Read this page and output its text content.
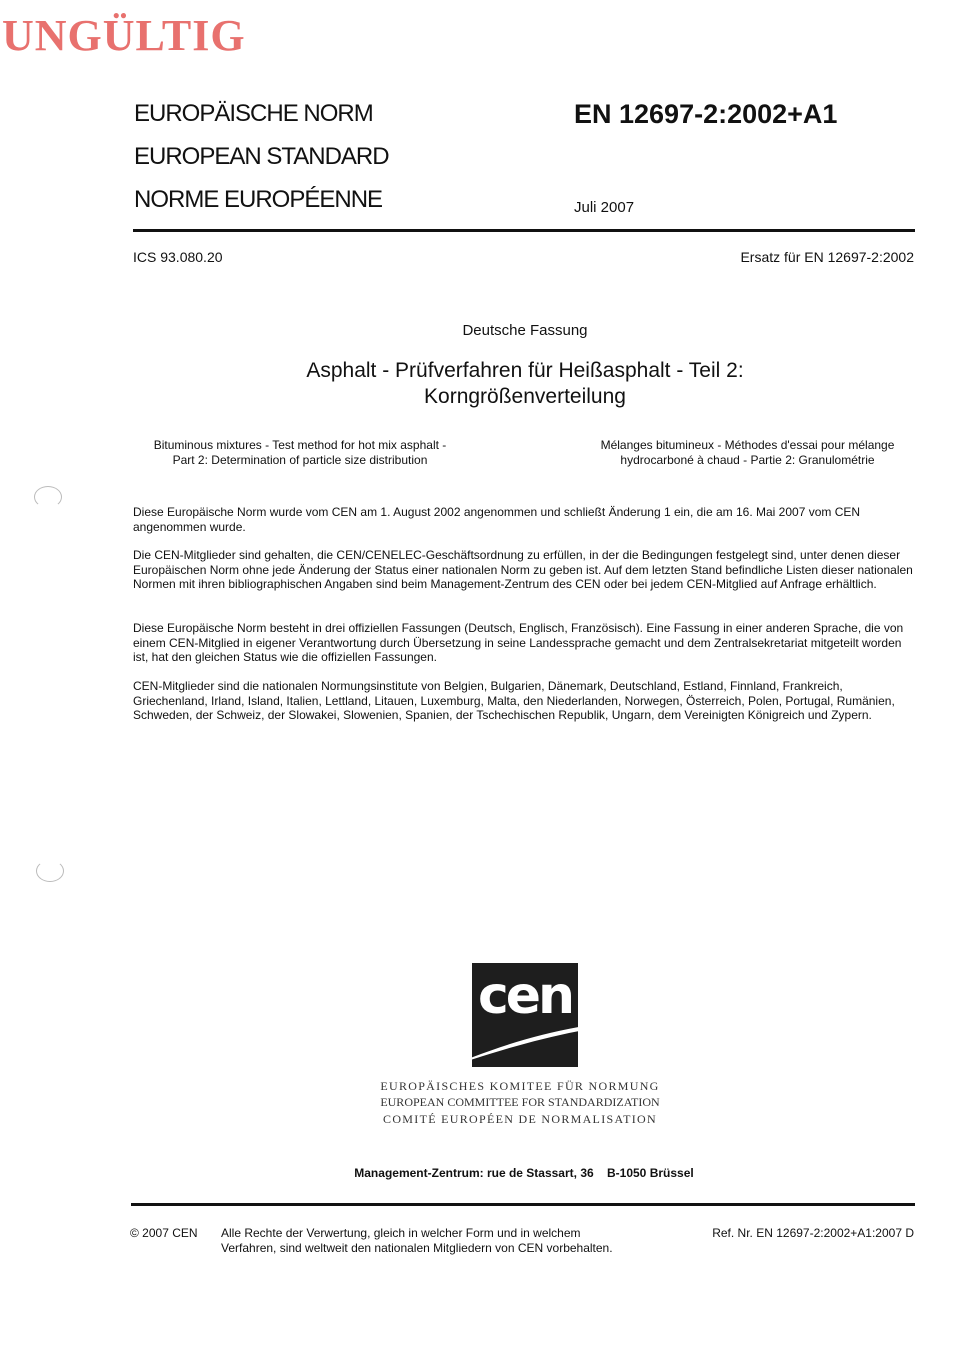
UNGÜLTIG
EUROPÄISCHE NORM
EUROPEAN STANDARD
NORME EUROPÉENNE
EN 12697-2:2002+A1
Juli 2007
ICS 93.080.20	Ersatz für EN 12697-2:2002
Deutsche Fassung
Asphalt - Prüfverfahren für Heißasphalt - Teil 2:
Korngrößenverteilung
Bituminous mixtures - Test method for hot mix asphalt -
Part 2: Determination of particle size distribution
Mélanges bitumineux - Méthodes d'essai pour mélange
hydrocarboné à chaud - Partie 2: Granulométrie
Diese Europäische Norm wurde vom CEN am 1. August 2002 angenommen und schließt Änderung 1 ein, die am 16. Mai 2007 vom CEN angenommen wurde.
Die CEN-Mitglieder sind gehalten, die CEN/CENELEC-Geschäftsordnung zu erfüllen, in der die Bedingungen festgelegt sind, unter denen dieser Europäischen Norm ohne jede Änderung der Status einer nationalen Norm zu geben ist. Auf dem letzten Stand befindliche Listen dieser nationalen Normen mit ihren bibliographischen Angaben sind beim Management-Zentrum des CEN oder bei jedem CEN-Mitglied auf Anfrage erhältlich.
Diese Europäische Norm besteht in drei offiziellen Fassungen (Deutsch, Englisch, Französisch). Eine Fassung in einer anderen Sprache, die von einem CEN-Mitglied in eigener Verantwortung durch Übersetzung in seine Landessprache gemacht und dem Zentralsekretariat mitgeteilt worden ist, hat den gleichen Status wie die offiziellen Fassungen.
CEN-Mitglieder sind die nationalen Normungsinstitute von Belgien, Bulgarien, Dänemark, Deutschland, Estland, Finnland, Frankreich, Griechenland, Irland, Island, Italien, Lettland, Litauen, Luxemburg, Malta, den Niederlanden, Norwegen, Österreich, Polen, Portugal, Rumänien, Schweden, der Schweiz, der Slowakei, Slowenien, Spanien, der Tschechischen Republik, Ungarn, dem Vereinigten Königreich und Zypern.
cen
EUROPÄISCHES KOMITEE FÜR NORMUNG
EUROPEAN COMMITTEE FOR STANDARDIZATION
COMITÉ EUROPÉEN DE NORMALISATION
Management-Zentrum: rue de Stassart, 36    B-1050 Brüssel
© 2007 CEN Alle Rechte der Verwertung, gleich in welcher Form und in welchem
Verfahren, sind weltweit den nationalen Mitgliedern von CEN vorbehalten.
Ref. Nr. EN 12697-2:2002+A1:2007 D
